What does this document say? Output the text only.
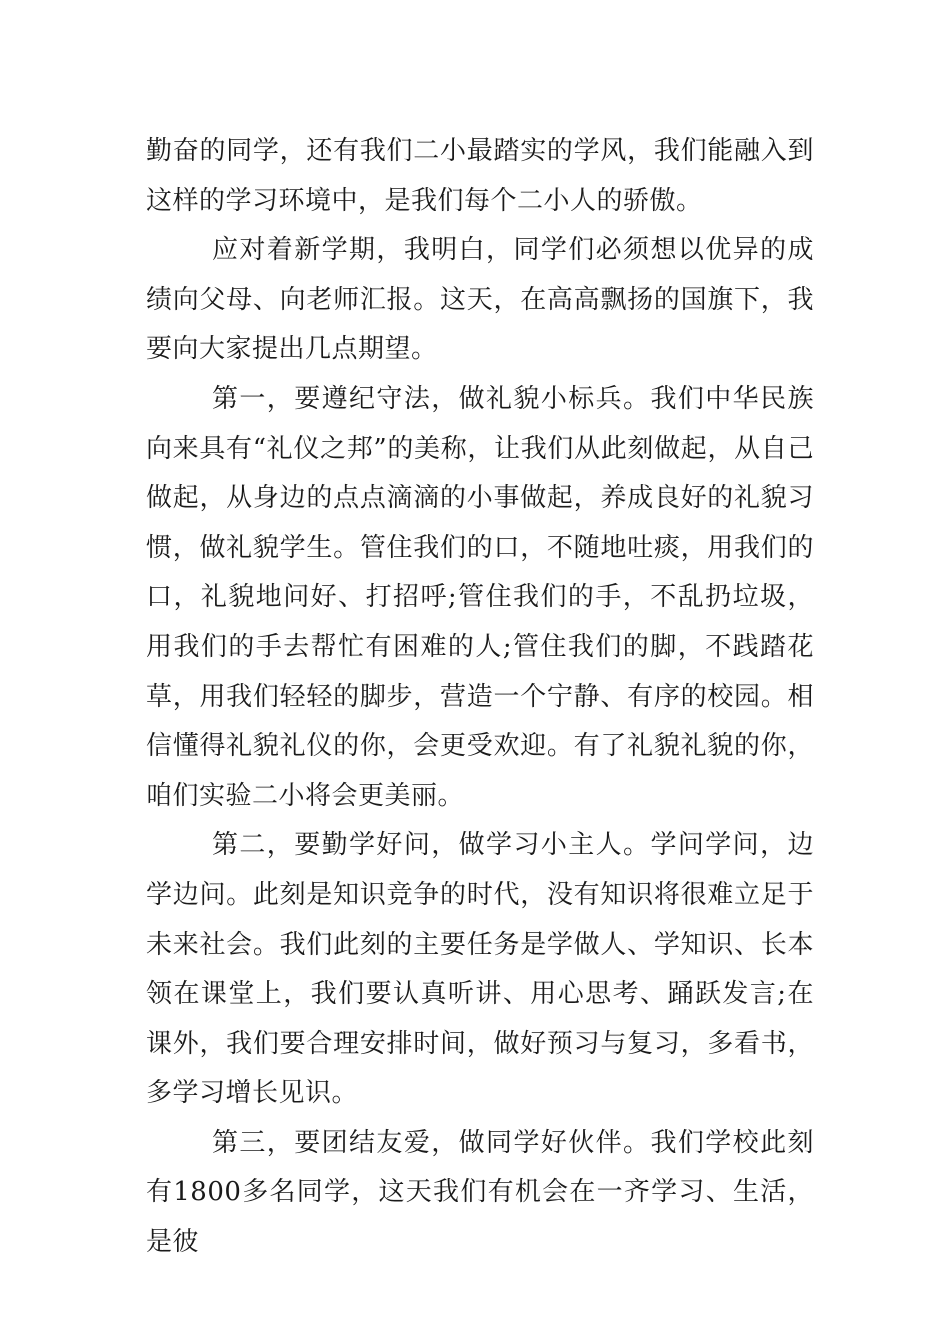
勤奋的同学，还有我们二小最踏实的学风，我们能融入到这样的学习环境中，是我们每个二小人的骄傲。

应对着新学期，我明白，同学们必须想以优异的成绩向父母、向老师汇报。这天，在高高飘扬的国旗下，我要向大家提出几点期望。

第一，要遵纪守法，做礼貌小标兵。我们中华民族向来具有“礼仪之邦”的美称，让我们从此刻做起，从自己做起，从身边的点点滴滴的小事做起，养成良好的礼貌习惯，做礼貌学生。管住我们的口，不随地吐痰，用我们的口，礼貌地问好、打招呼;管住我们的手，不乱扔垃圾，用我们的手去帮忙有困难的人;管住我们的脚，不践踏花草，用我们轻轻的脚步，营造一个宁静、有序的校园。相信懂得礼貌礼仪的你，会更受欢迎。有了礼貌礼貌的你，咱们实验二小将会更美丽。

第二，要勤学好问，做学习小主人。学问学问，边学边问。此刻是知识竞争的时代，没有知识将很难立足于未来社会。我们此刻的主要任务是学做人、学知识、长本领在课堂上，我们要认真听讲、用心思考、踊跃发言;在课外，我们要合理安排时间，做好预习与复习，多看书，多学习增长见识。

第三，要团结友爱，做同学好伙伴。我们学校此刻有1800多名同学，这天我们有机会在一齐学习、生活，是彼
